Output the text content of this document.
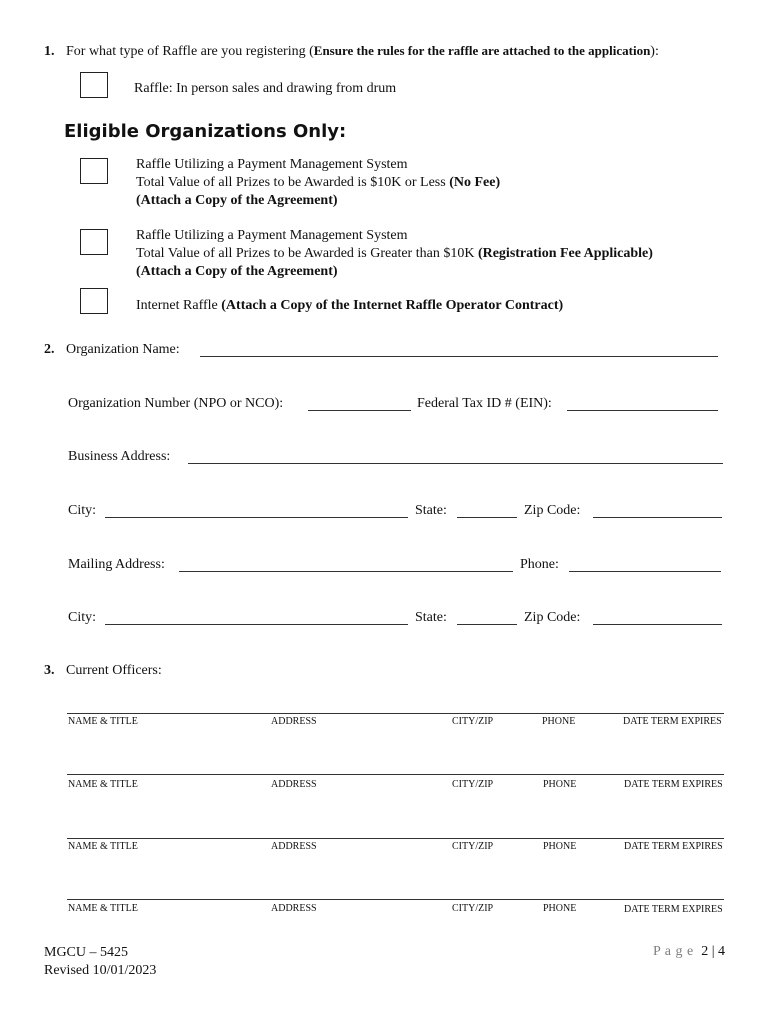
1. For what type of Raffle are you registering (Ensure the rules for the raffle are attached to the application):
Raffle: In person sales and drawing from drum
Eligible Organizations Only:
Raffle Utilizing a Payment Management System
Total Value of all Prizes to be Awarded is $10K or Less (No Fee)
(Attach a Copy of the Agreement)
Raffle Utilizing a Payment Management System
Total Value of all Prizes to be Awarded is Greater than $10K (Registration Fee Applicable)
(Attach a Copy of the Agreement)
Internet Raffle (Attach a Copy of the Internet Raffle Operator Contract)
2. Organization Name:
Organization Number (NPO or NCO):	Federal Tax ID # (EIN):
Business Address:
City:	State:	Zip Code:
Mailing Address:	Phone:
City:	State:	Zip Code:
3. Current Officers:
NAME & TITLE	ADDRESS	CITY/ZIP	PHONE	DATE TERM EXPIRES
NAME & TITLE	ADDRESS	CITY/ZIP	PHONE	DATE TERM EXPIRES
NAME & TITLE	ADDRESS	CITY/ZIP	PHONE	DATE TERM EXPIRES
NAME & TITLE	ADDRESS	CITY/ZIP	PHONE	DATE TERM EXPIRES
MGCU – 5425
Revised 10/01/2023
P a g e 2 | 4
